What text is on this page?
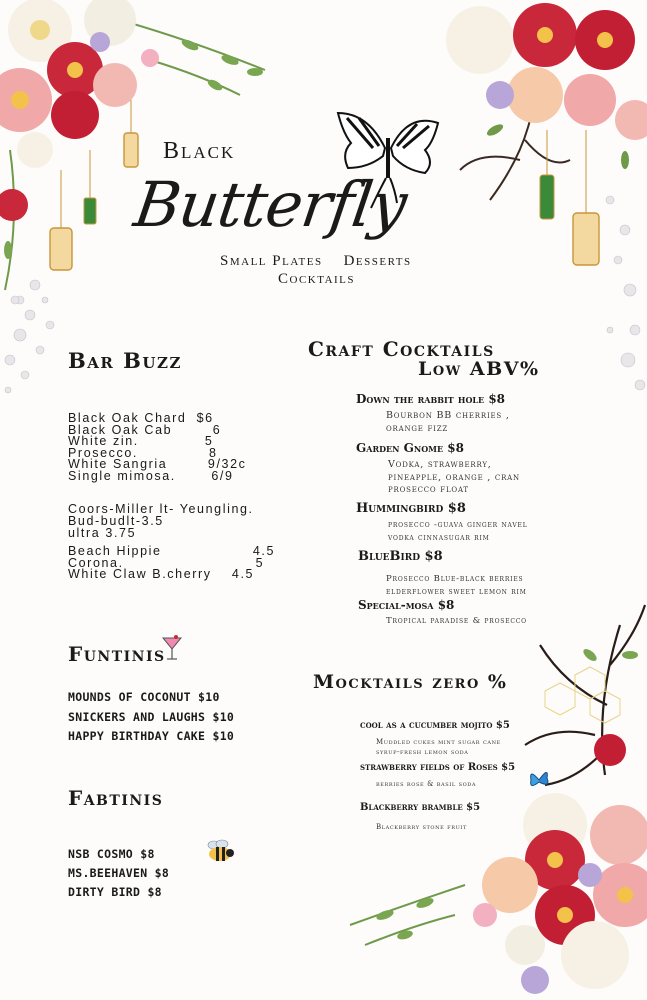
Black
Butterfly
Small Plates    Desserts
Cocktails
Bar Buzz
Black Oak Chard  $6
Black Oak Cab        6
White zin.             5
Prosecco.              8
White Sangria        9/32c
Single mimosa.       6/9
Coors-Miller lt- Yeungling.
Bud-budlt-3.5
ultra 3.75
Beach Hippie                  4.5
Corona.                          5
White Claw B.cherry    4.5
Funtinis
MOUNDS OF COCONUT $10
SNICKERS AND LAUGHS $10
HAPPY BIRTHDAY CAKE $10
Fabtinis
NSB COSMO $8
MS.BEEHAVEN $8
DIRTY BIRD $8
Craft Cocktails
Low ABV%
Down the rabbit hole $8
Bourbon BB cherries ,
orange fizz
Garden Gnome $8
Vodka, strawberry,
pineapple, orange , cran
prosecco float
Hummingbird $8
prosecco -guava ginger navel
vodka cinnasugar rim
BlueBird $8
Prosecco Blue-black berries
elderflower sweet lemon rim
Special-mosa $8
Tropical paradise & prosecco
Mocktails zero %
cool as a cucumber mojito $5
Muddled cukes mint sugar cane
syrup-fresh lemon soda
strawberry fields of Roses $5
berries rose & basil soda
Blackberry bramble $5
Blackberry stone fruit
